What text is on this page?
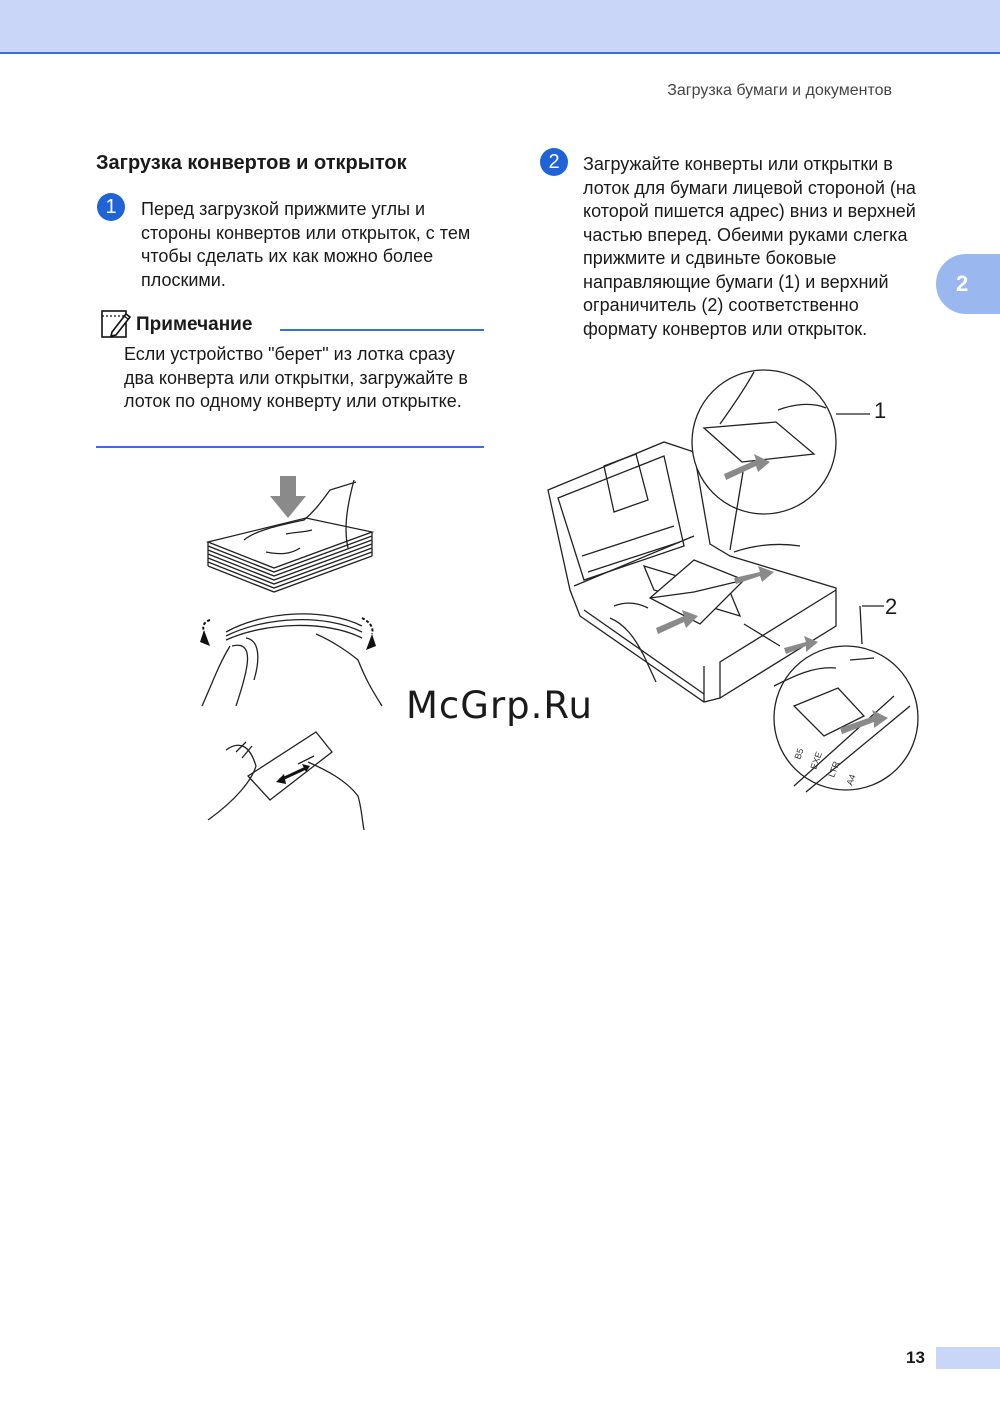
Загрузка бумаги и документов
2
Загрузка конвертов и открыток
1	Перед загрузкой прижмите углы и стороны конвертов или открыток, с тем чтобы сделать их как можно более плоскими.

Примечание

Если устройство "берет" из лотка сразу два конверта или открытки, загружайте в лоток по одному конверту или открытке.

2	Загружайте конверты или открытки в лоток для бумаги лицевой стороной (на которой пишется адрес) вниз и верхней частью вперед. Обеими руками слегка прижмите и сдвиньте боковые направляющие бумаги (1) и верхний ограничитель (2) соответственно формату конвертов или открыток.

B5 EXE LTR
A4
1
2
McGrp.Ru
13
